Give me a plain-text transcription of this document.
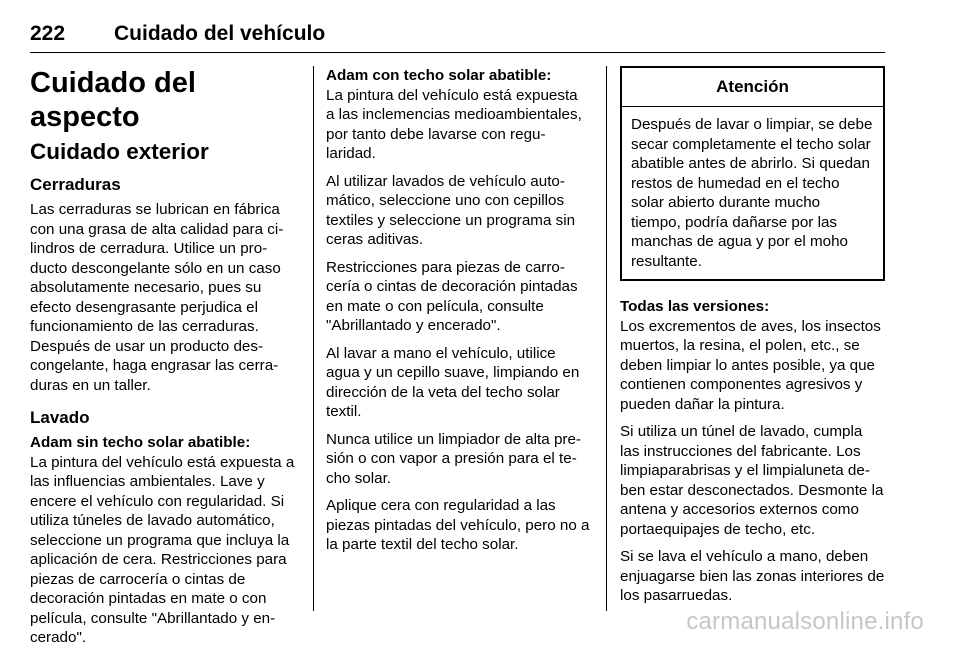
222 Cuidado del vehículo
Cuidado del aspecto
Cuidado exterior
Cerraduras

Las cerraduras se lubrican en fábrica con una grasa de alta calidad para cilindros de cerradura. Utilice un producto descongelante sólo en un caso absolutamente necesario, pues su efecto desengrasante perjudica el funcionamiento de las cerraduras. Después de usar un producto descongelante, haga engrasar las cerraduras en un taller.

Lavado

Adam sin techo solar abatible:
La pintura del vehículo está expuesta a las influencias ambientales. Lave y encere el vehículo con regularidad. Si utiliza túneles de lavado automático, seleccione un programa que incluya la aplicación de cera. Restricciones para piezas de carrocería o cintas de decoración pintadas en mate o con película, consulte "Abrillantado y encerado".

Adam con techo solar abatible:
La pintura del vehículo está expuesta a las inclemencias medioambientales, por tanto debe lavarse con regularidad.

Al utilizar lavados de vehículo automático, seleccione uno con cepillos textiles y seleccione un programa sin ceras aditivas.

Restricciones para piezas de carrocería o cintas de decoración pintadas en mate o con película, consulte "Abrillantado y encerado".

Al lavar a mano el vehículo, utilice agua y un cepillo suave, limpiando en dirección de la veta del techo solar textil.

Nunca utilice un limpiador de alta presión o con vapor a presión para el techo solar.

Aplique cera con regularidad a las piezas pintadas del vehículo, pero no a la parte textil del techo solar.

Atención

Después de lavar o limpiar, se debe secar completamente el techo solar abatible antes de abrirlo. Si quedan restos de humedad en el techo solar abierto durante mucho tiempo, podría dañarse por las manchas de agua y por el moho resultante.

Todas las versiones:
Los excrementos de aves, los insectos muertos, la resina, el polen, etc., se deben limpiar lo antes posible, ya que contienen componentes agresivos y pueden dañar la pintura.

Si utiliza un túnel de lavado, cumpla las instrucciones del fabricante. Los limpiaparabrisas y el limpialuneta deben estar desconectados. Desmonte la antena y accesorios externos como portaequipajes de techo, etc.

Si se lava el vehículo a mano, deben enjuagarse bien las zonas interiores de los pasarruedas.

carmanualsonline.info
